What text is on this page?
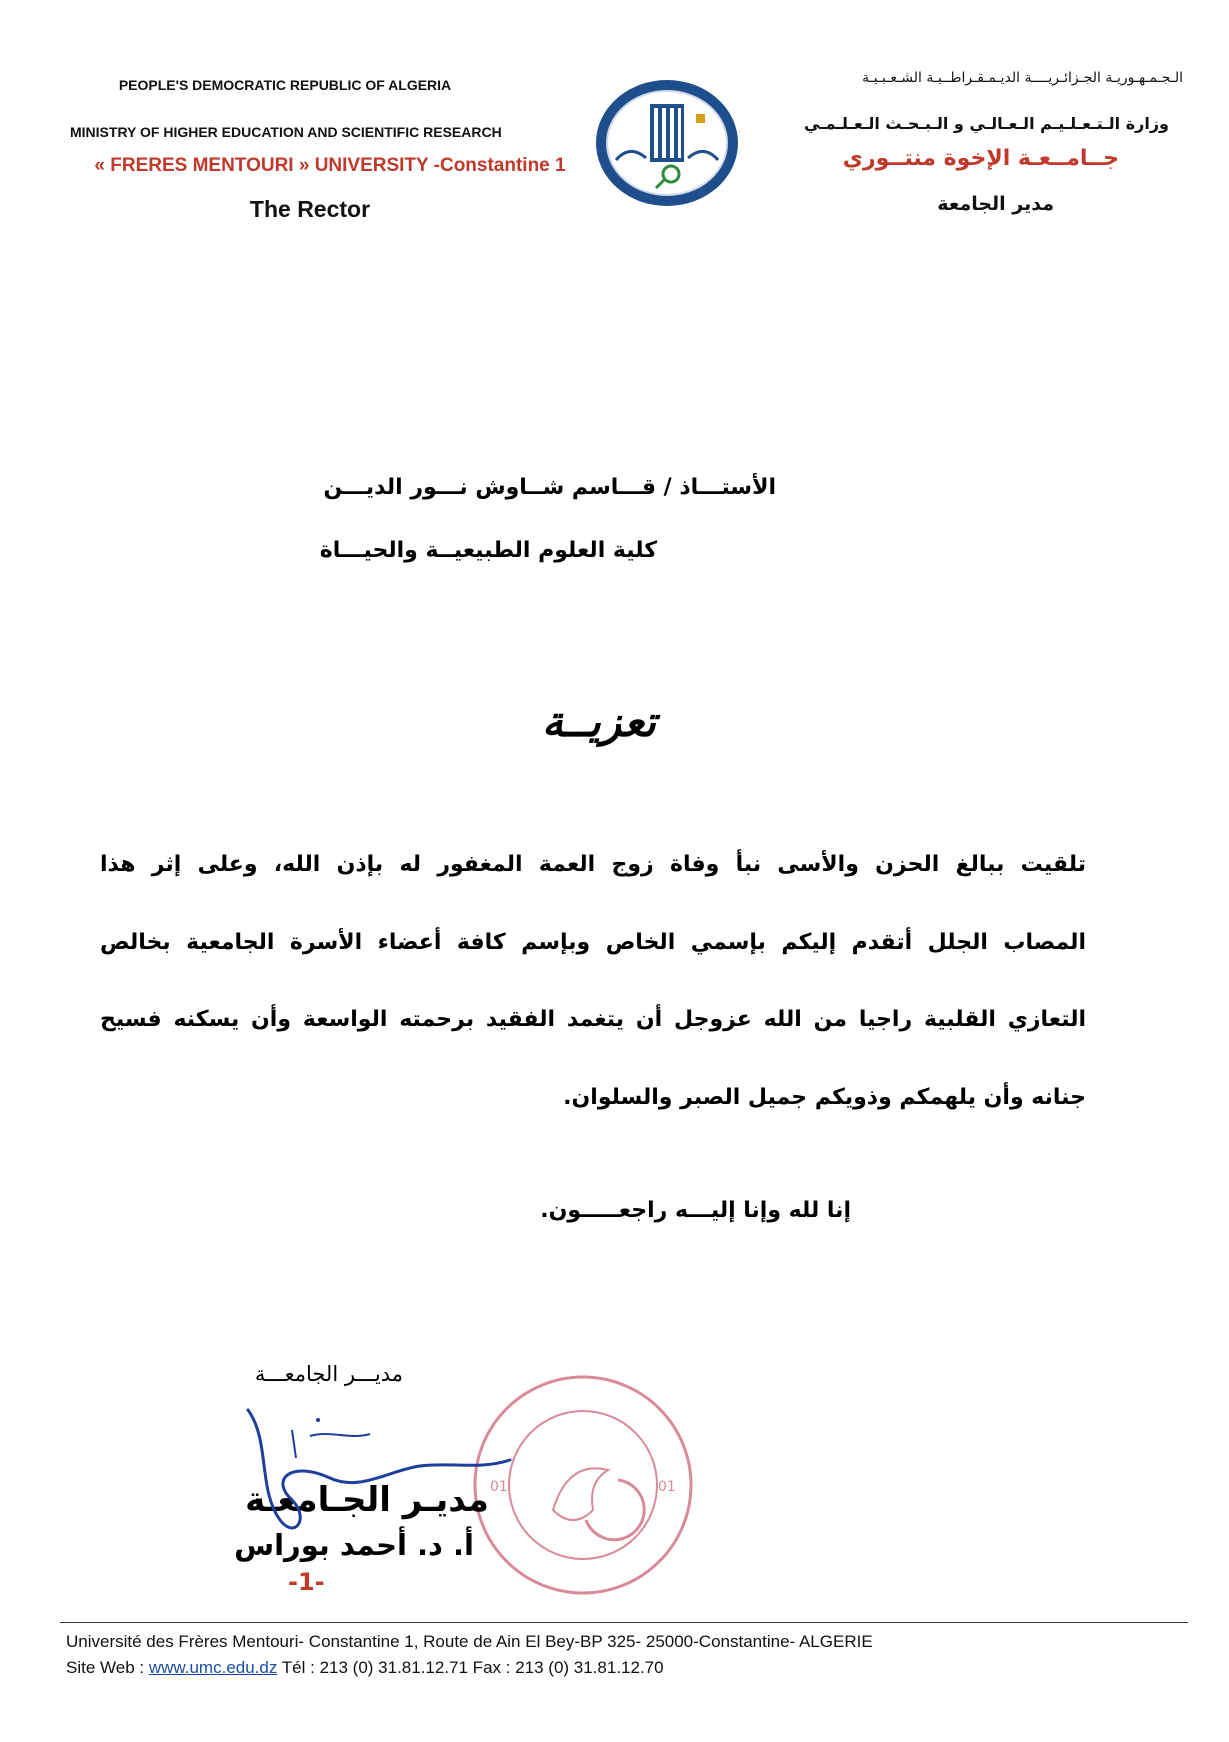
PEOPLE'S DEMOCRATIC REPUBLIC OF ALGERIA
MINISTRY OF HIGHER EDUCATION AND SCIENTIFIC RESEARCH
« FRERES MENTOURI » UNIVERSITY -Constantine 1
The Rector
الـجـمـهـوريـة الجـزائـريــــة الديـمـقـراطــيـة الشـعـبـيـة
وزارة الـتـعـلـيـم الـعـالـي و الـبـحـث الـعـلـمـي
جــامــعـة الإخوة منتــوري
مدير الجامعة
الأستـــاذ / قـــاسم شــاوش نـــور الديـــن
كلية العلوم الطبيعيــة والحيـــاة
تعزيــة
تلقيت ببالغ الحزن والأسى نبأ وفاة زوج العمة المغفور له بإذن الله، وعلى إثر هذا
المصاب الجلل أتقدم إليكم بإسمي الخاص وبإسم كافة أعضاء الأسرة الجامعية بخالص
التعازي القلبية راجيا من الله عزوجل أن يتغمد الفقيد برحمته الواسعة وأن يسكنه فسيح
جنانه وأن يلهمكم وذويكم جميل الصبر والسلوان.
إنا لله وإنا إليـــه راجعـــــون.
مديـــر الجامعـــة
01	01
مديـر الجـامعـة
أ. د. أحمد بوراس
-1-
Université des Frères Mentouri- Constantine 1, Route de Ain El Bey-BP 325- 25000-Constantine- ALGERIE
Site Web : www.umc.edu.dz Tél : 213 (0) 31.81.12.71 Fax : 213 (0) 31.81.12.70
